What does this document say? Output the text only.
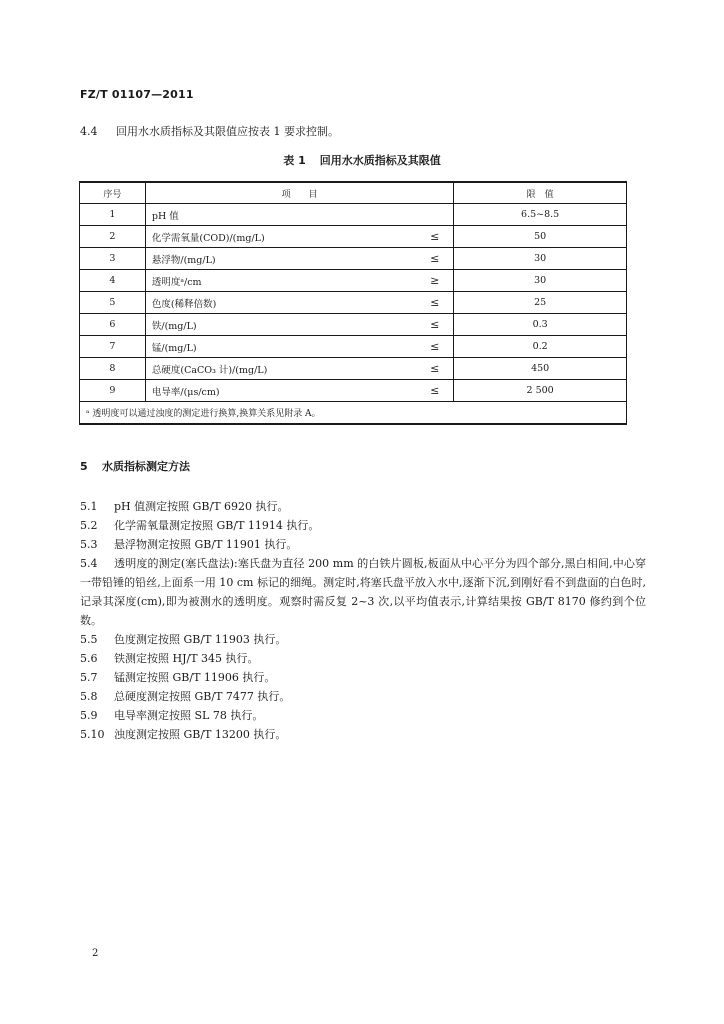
FZ/T 01107—2011
4.4 回用水水质指标及其限值应按表 1 要求控制。
表 1 回用水水质指标及其限值
序号	项　　目	限　值
1	pH 值	6.5~8.5
2	化学需氧量(COD)/(mg/L) ≤	50
3	悬浮物/(mg/L) ≤	30
4	透明度ᵃ/cm ≥	30
5	色度(稀释倍数) ≤	25
6	铁/(mg/L) ≤	0.3
7	锰/(mg/L) ≤	0.2
8	总硬度(CaCO₃ 计)/(mg/L) ≤	450
9	电导率/(μs/cm) ≤	2 500
ᵃ 透明度可以通过浊度的测定进行换算,换算关系见附录 A。		
5 水质指标测定方法
5.1 pH 值测定按照 GB/T 6920 执行。
5.2 化学需氧量测定按照 GB/T 11914 执行。
5.3 悬浮物测定按照 GB/T 11901 执行。
5.4 透明度的测定(塞氏盘法):塞氏盘为直径 200 mm 的白铁片圆板,板面从中心平分为四个部分,黑白相间,中心穿一带铅锤的铅丝,上面系一用 10 cm 标记的细绳。测定时,将塞氏盘平放入水中,逐渐下沉,到刚好看不到盘面的白色时,记录其深度(cm),即为被测水的透明度。观察时需反复 2~3 次,以平均值表示,计算结果按 GB/T 8170 修约到个位数。
5.5 色度测定按照 GB/T 11903 执行。
5.6 铁测定按照 HJ/T 345 执行。
5.7 锰测定按照 GB/T 11906 执行。
5.8 总硬度测定按照 GB/T 7477 执行。
5.9 电导率测定按照 SL 78 执行。
5.10 浊度测定按照 GB/T 13200 执行。
2
